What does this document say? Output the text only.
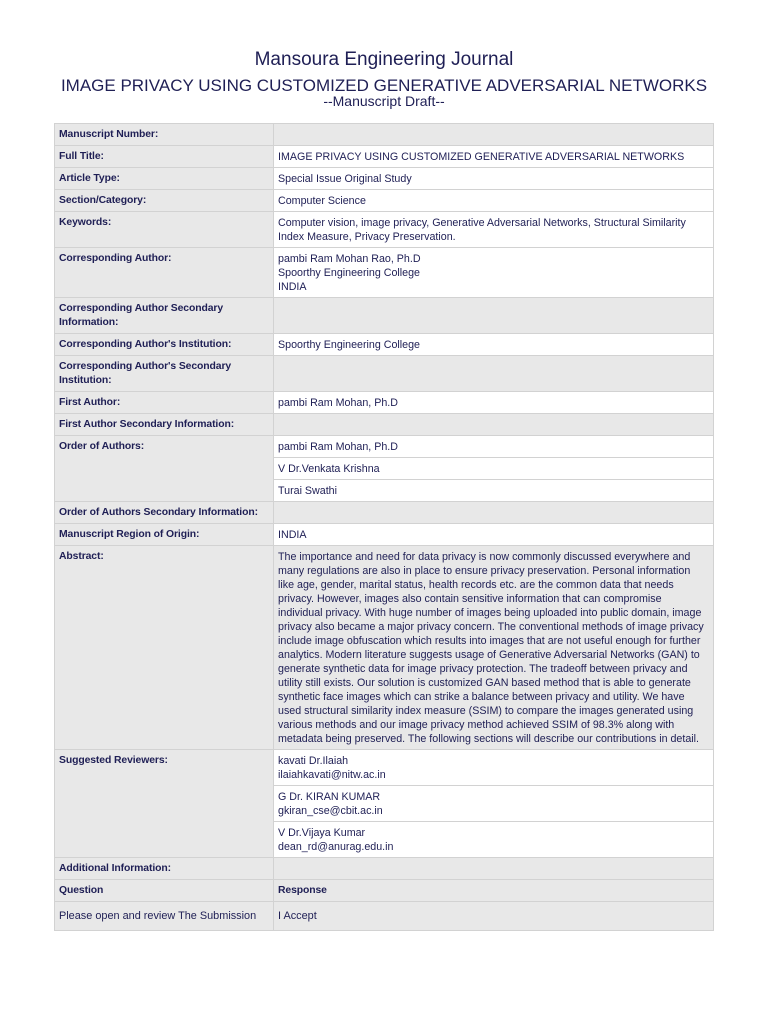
Mansoura Engineering Journal
IMAGE PRIVACY USING CUSTOMIZED GENERATIVE ADVERSARIAL NETWORKS
--Manuscript Draft--
Manuscript Number:	
Full Title:	IMAGE PRIVACY USING CUSTOMIZED GENERATIVE ADVERSARIAL NETWORKS
Article Type:	Special Issue Original Study
Section/Category:	Computer Science
Keywords:	Computer vision, image privacy, Generative Adversarial Networks, Structural Similarity Index Measure, Privacy Preservation.
Corresponding Author:	pambi Ram Mohan Rao, Ph.D
Spoorthy Engineering College
INDIA

Corresponding Author Secondary Information:	
Corresponding Author's Institution:	Spoorthy Engineering College
Corresponding Author's Secondary Institution:	
First Author:	pambi Ram Mohan, Ph.D
First Author Secondary Information:	
Order of Authors:	pambi Ram Mohan, Ph.D
	V Dr.Venkata Krishna
	Turai Swathi
Order of Authors Secondary Information:	
Manuscript Region of Origin:	INDIA
Abstract:	The importance and need for data privacy is now commonly discussed everywhere and many regulations are also in place to ensure privacy preservation. Personal information like age, gender, marital status, health records etc. are the common data that needs privacy. However, images also contain sensitive information that can compromise individual privacy. With huge number of images being uploaded into public domain, image privacy also became a major privacy concern. The conventional methods of image privacy include image obfuscation which results into images that are not useful enough for further analytics. Modern literature suggests usage of Generative Adversarial Networks (GAN) to generate synthetic data for image privacy protection. The tradeoff between privacy and utility still exists. Our solution is customized GAN based method that is able to generate synthetic face images which can strike a balance between privacy and utility. We have used structural similarity index measure (SSIM) to compare the images generated using various methods and our image privacy method achieved SSIM of 98.3% along with metadata being preserved. The following sections will describe our contributions in detail.
Suggested Reviewers:	kavati Dr.Ilaiah
ilaiahkavati@nitw.ac.in

	G Dr. KIRAN KUMAR
gkiran_cse@cbit.ac.in

	V Dr.Vijaya Kumar
dean_rd@anurag.edu.in

Additional Information:	
Question	Response
Please open and review The Submission	I Accept
